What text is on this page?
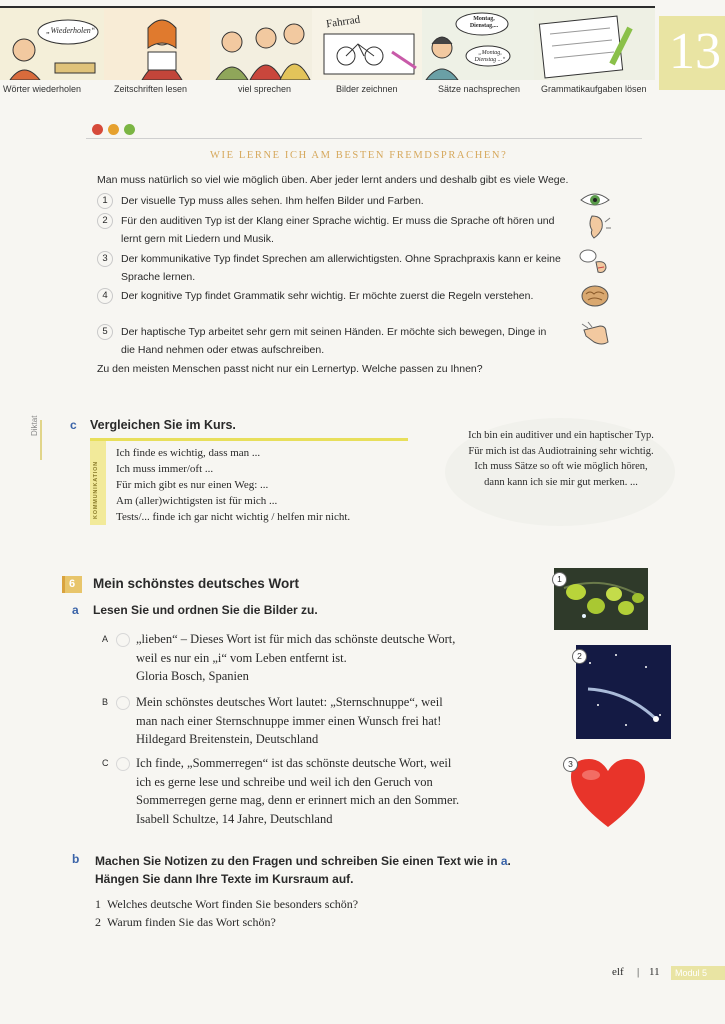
„Wiederholen“
Fahrrad	Montag, Dienstag,...
„Montag, Dienstag ...“
Wörter wiederholen	Zeitschriften lesen	viel sprechen	Bilder zeichnen	Sätze nachsprechen Grammatikaufgaben lösen
13
WIE LERNE ICH AM BESTEN FREMDSPRACHEN?
Man muss natürlich so viel wie möglich üben. Aber jeder lernt anders und deshalb gibt es viele Wege.
1 Der visuelle Typ muss alles sehen. Ihm helfen Bilder und Farben.
2 Für den auditiven Typ ist der Klang einer Sprache wichtig. Er muss die Sprache oft hören und lernt gern mit Liedern und Musik.
3 Der kommunikative Typ findet Sprechen am allerwichtigsten. Ohne Sprachpraxis kann er keine Sprache lernen.
4 Der kognitive Typ findet Grammatik sehr wichtig. Er möchte zuerst die Regeln verstehen.
5 Der haptische Typ arbeitet sehr gern mit seinen Händen. Er möchte sich bewegen, Dinge in die Hand nehmen oder etwas aufschreiben.
Zu den meisten Menschen passt nicht nur ein Lernertyp. Welche passen zu Ihnen?
Diktat	c Vergleichen Sie im Kurs.
KOMMUNIKATION
Ich finde es wichtig, dass man ...
Ich muss immer/oft ...
Für mich gibt es nur einen Weg: ...
Am (aller)wichtigsten ist für mich ...
Tests/... finde ich gar nicht wichtig / helfen mir nicht.
Ich bin ein auditiver und ein haptischer Typ. Für mich ist das Audiotraining sehr wichtig. Ich muss Sätze so oft wie möglich hören, dann kann ich sie mir gut merken. ...
6	Mein schönstes deutsches Wort
a Lesen Sie und ordnen Sie die Bilder zu.
A „lieben“ – Dieses Wort ist für mich das schönste deutsche Wort,
weil es nur ein „i“ vom Leben entfernt ist.
Gloria Bosch, Spanien
B Mein schönstes deutsches Wort lautet: „Sternschnuppe“, weil
man nach einer Sternschnuppe immer einen Wunsch frei hat!
Hildegard Breitenstein, Deutschland
C Ich finde, „Sommerregen“ ist das schönste deutsche Wort, weil
ich es gerne lese und schreibe und weil ich den Geruch von
Sommerregen gerne mag, denn er erinnert mich an den Sommer.
Isabell Schultze, 14 Jahre, Deutschland
1
2
3
b Machen Sie Notizen zu den Fragen und schreiben Sie einen Text wie in a.
Hängen Sie dann Ihre Texte im Kursraum auf.
1 Welches deutsche Wort finden Sie besonders schön?
2 Warum finden Sie das Wort schön?
elf | 11	Modul 5
